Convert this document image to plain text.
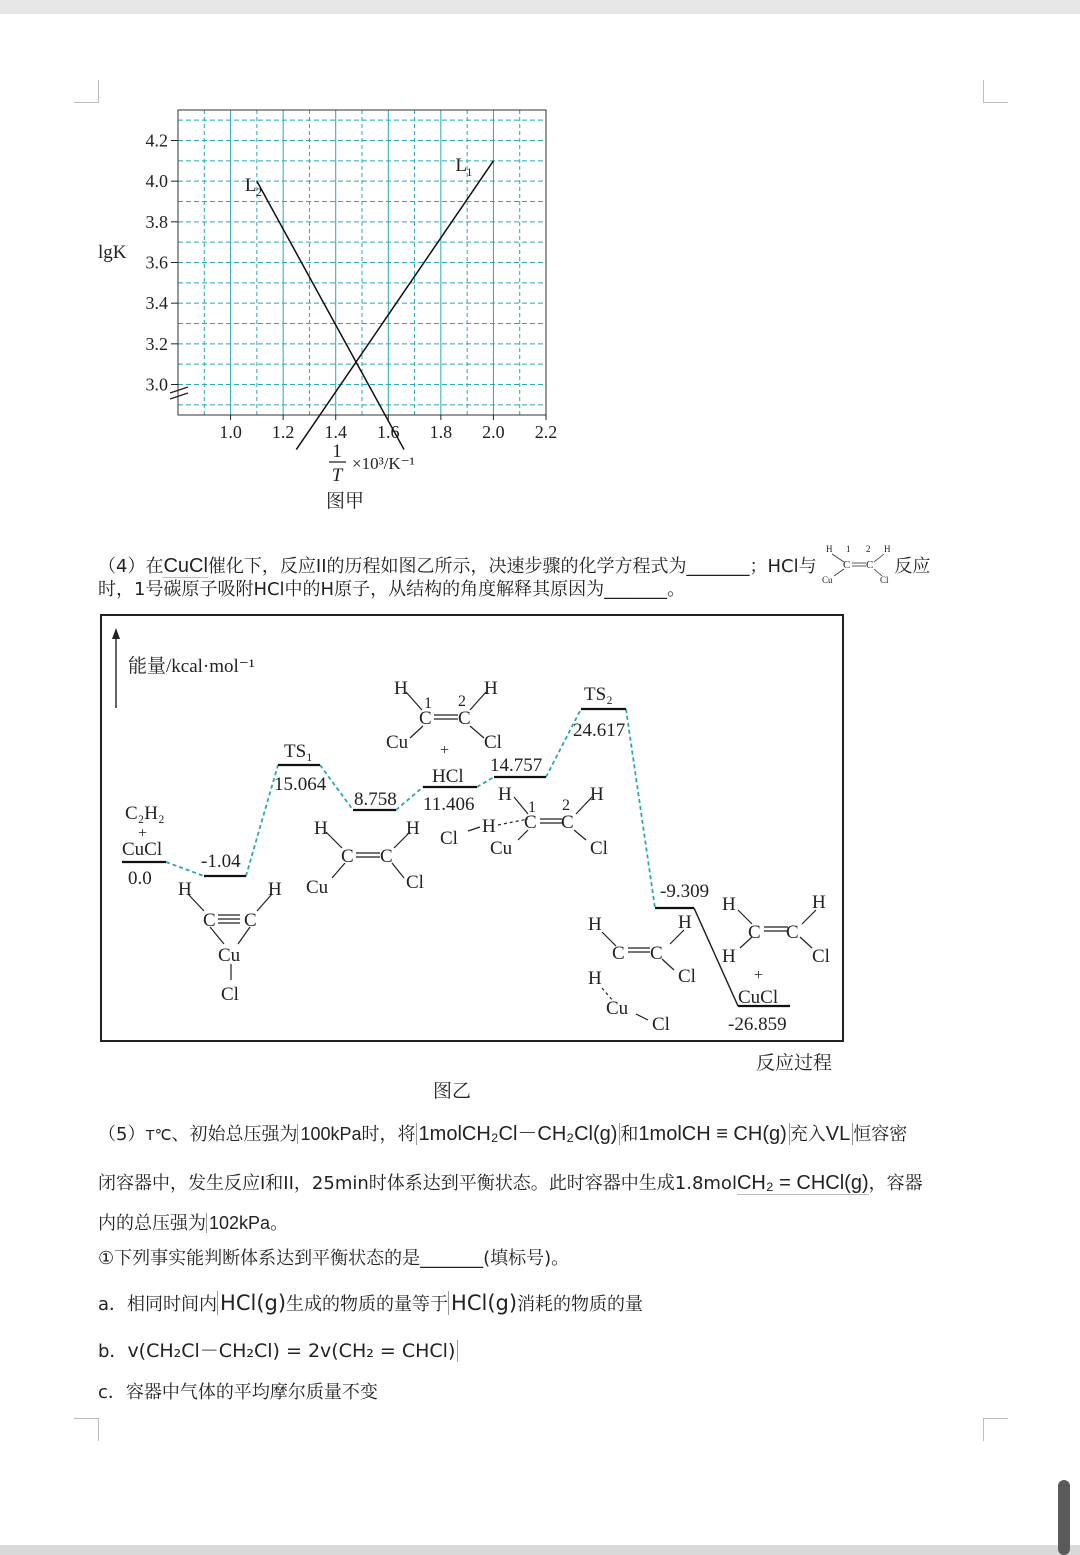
3.0
3.2
3.4
3.6
3.8
4.0
4.2
1.0 1.2 1.4 1.6 1.8 2.0 2.2
L 2
L 1
lgK
1
T
×10³/K⁻¹
图甲
（4）在CuCl催化下，反应II的历程如图乙所示，决速步骤的化学方程式为_______；HCl与
H 1 2 H
C C
Cu	Cl
反应
时，1号碳原子吸附HCl中的H原子，从结构的角度解释其原因为_______。
能量/kcal·mol⁻¹
C₂H₂
+
CuCl
0.0
-1.04
TS₁
15.064
8.758
HCl
11.406
14.757
TS₂
24.617
-9.309
CuCl
-26.859
H	H
C C
Cu
Cl
H	H
C C
Cu	Cl
H
1 2
H
C C
Cu	Cl
+
H
1 2
H
Cl
H C C
Cu	Cl
H	H
C C
Cl
H
Cu
Cl
H	H
C C
H	Cl
+
反应过程
图乙
（5）T℃、初始总压强为 100kPa时，将 1molCH₂Cl－CH₂Cl(g) 和1molCH ≡ CH(g) 充入VL 恒容密
闭容器中，发生反应I和II，25min时体系达到平衡状态。此时容器中生成1.8molCH₂ = CHCl(g)，容器
内的总压强为 102kPa。
①下列事实能判断体系达到平衡状态的是_______(填标号)。
a．相同时间内 HCl(g)生成的物质的量等于 HCl(g)消耗的物质的量
b．v(CH₂Cl－CH₂Cl) = 2v(CH₂ = CHCl)
c．容器中气体的平均摩尔质量不变
